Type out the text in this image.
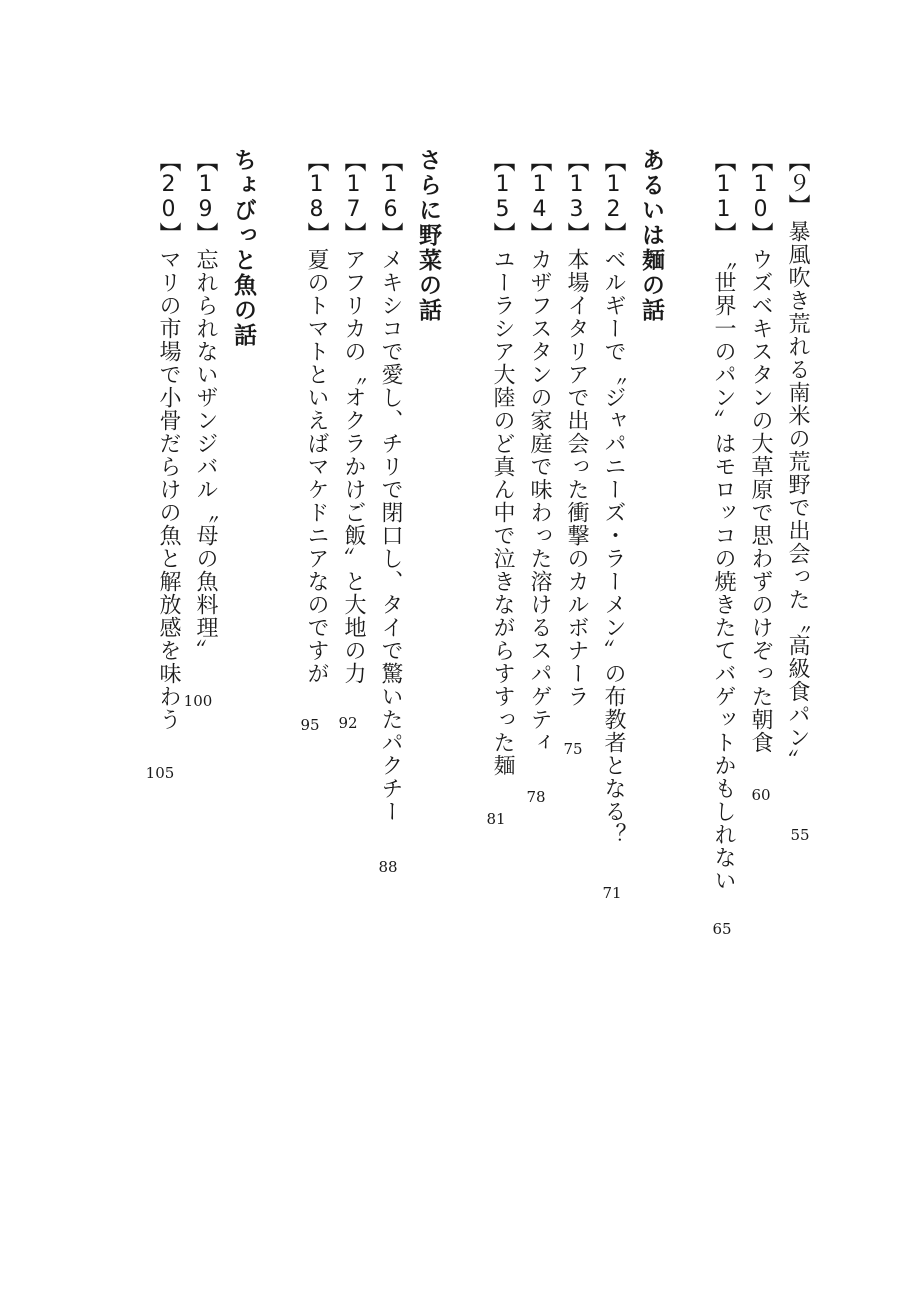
【９】暴風吹き荒れる南米の荒野で出会った〝高級食パン〟
55
【10】ウズベキスタンの大草原で思わずのけぞった朝食
60
【11】〝世界一のパン〟はモロッコの焼きたてバゲットかもしれない
65
あるいは麺の話
【12】ベルギーで〝ジャパニーズ・ラーメン〟の布教者となる？
71
【13】本場イタリアで出会った衝撃のカルボナーラ
75
【14】カザフスタンの家庭で味わった溶けるスパゲティ
78
【15】ユーラシア大陸のど真ん中で泣きながらすすった麺
81
さらに野菜の話
【16】メキシコで愛し、チリで閉口し、タイで驚いたパクチー
88
【17】アフリカの〝オクラかけご飯〟と大地の力
92
【18】夏のトマトといえばマケドニアなのですが
95
ちょびっと魚の話
【19】忘れられないザンジバル〝母の魚料理〟
100
【20】マリの市場で小骨だらけの魚と解放感を味わう
105
